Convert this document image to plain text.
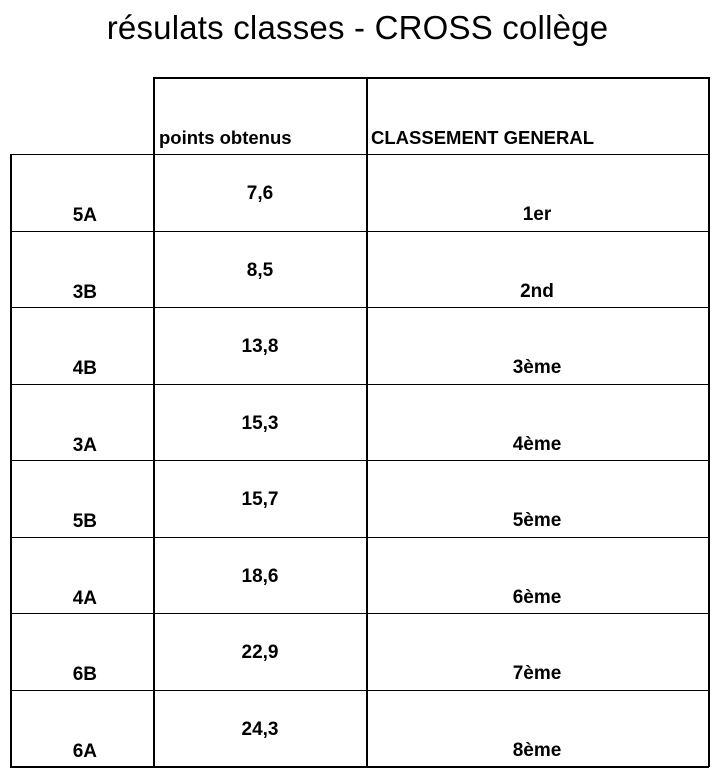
résulats classes - CROSS collège
points obtenus	CLASSEMENT GENERAL
5A
7,6
1er
3B
8,5
2nd
4B
13,8
3ème
3A
15,3
4ème
5B
15,7
5ème
4A
18,6
6ème
6B
22,9
7ème
6A
24,3
8ème
